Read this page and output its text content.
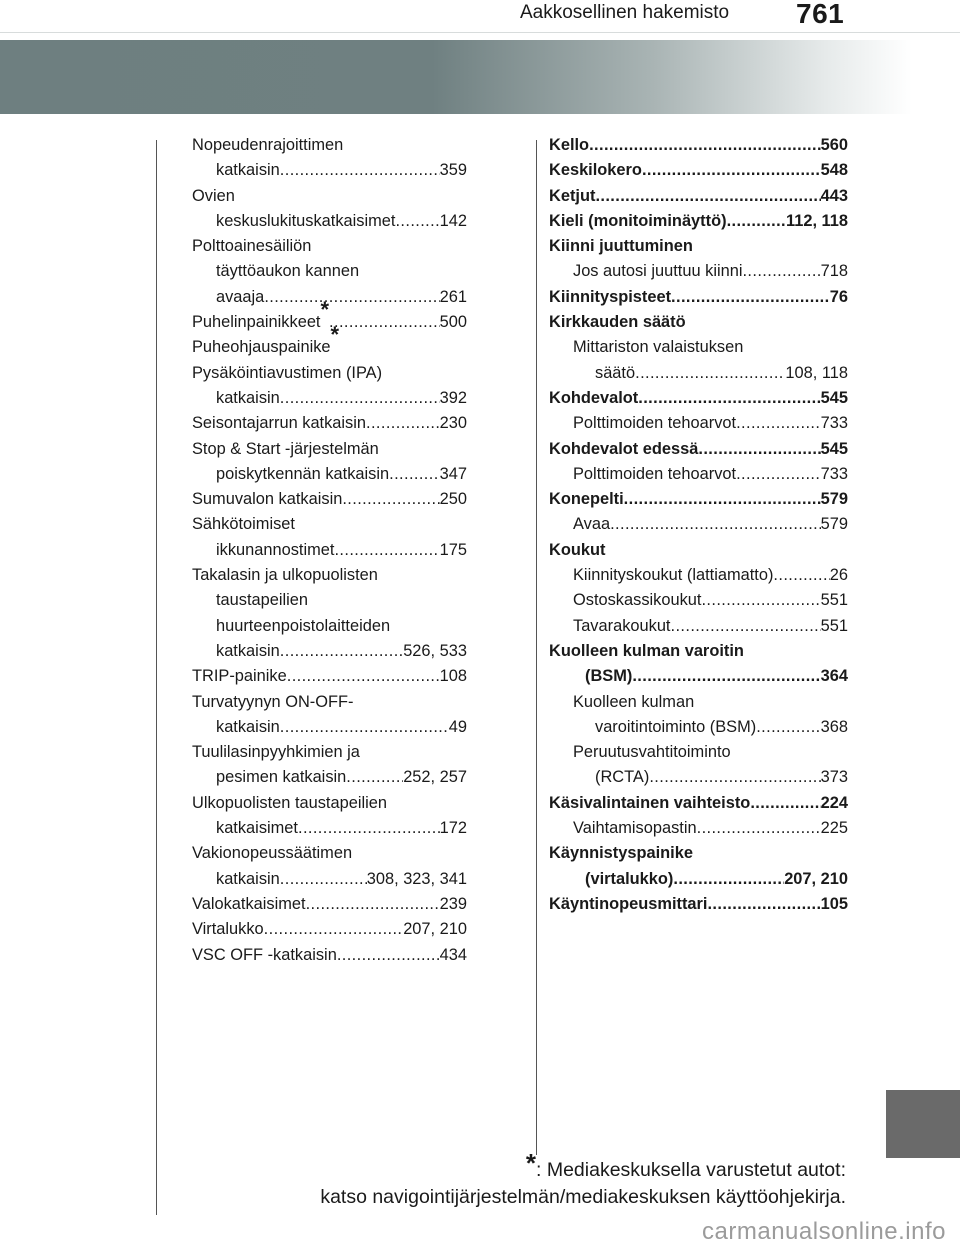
Aakkosellinen hakemisto	761
Nopeudenrajoittimen
katkaisin .....	359
Ovien
keskuslukituskatkaisimet .....	142
Polttoainesäiliön
täyttöaukon kannen
avaaja .....	261
Puhelinpainikkeet * .....	500
Puheohjauspainike *
Pysäköintiavustimen (IPA)
katkaisin .....	392
Seisontajarrun katkaisin .....	230
Stop & Start -järjestelmän
poiskytkennän katkaisin .....	347
Sumuvalon katkaisin .....	250
Sähkötoimiset
ikkunannostimet .....	175
Takalasin ja ulkopuolisten
taustapeilien
huurteenpoistolaitteiden
katkaisin .....	526, 533
TRIP-painike .....	108
Turvatyynyn ON-OFF-
katkaisin .....	49
Tuulilasinpyyhkimien ja
pesimen katkaisin .....	252, 257
Ulkopuolisten taustapeilien
katkaisimet .....	172
Vakionopeussäätimen
katkaisin .....	308, 323, 341
Valokatkaisimet .....	239
Virtalukko .....	207, 210
VSC OFF -katkaisin .....	434
Kello .....	560
Keskilokero .....	548
Ketjut .....	443
Kieli (monitoiminäyttö) .....	112, 118
Kiinni juuttuminen
Jos autosi juuttuu kiinni .....	718
Kiinnityspisteet .....	76
Kirkkauden säätö
Mittariston valaistuksen
säätö .....	108, 118
Kohdevalot .....	545
Polttimoiden tehoarvot .....	733
Kohdevalot edessä .....	545
Polttimoiden tehoarvot .....	733
Konepelti .....	579
Avaa .....	579
Koukut
Kiinnityskoukut (lattiamatto) .....	26
Ostoskassikoukut .....	551
Tavarakoukut .....	551
Kuolleen kulman varoitin
(BSM) .....	364
Kuolleen kulman
varoitintoiminto (BSM) .....	368
Peruutusvahtitoiminto
(RCTA) .....	373
Käsivalintainen vaihteisto .....	224
Vaihtamisopastin .....	225
Käynnistyspainike
(virtalukko) .....	207, 210
Käyntinopeusmittari .....	105
*: Mediakeskuksella varustetut autot:
katso navigointijärjestelmän/mediakeskuksen käyttöohjekirja.
carmanualsonline.info
